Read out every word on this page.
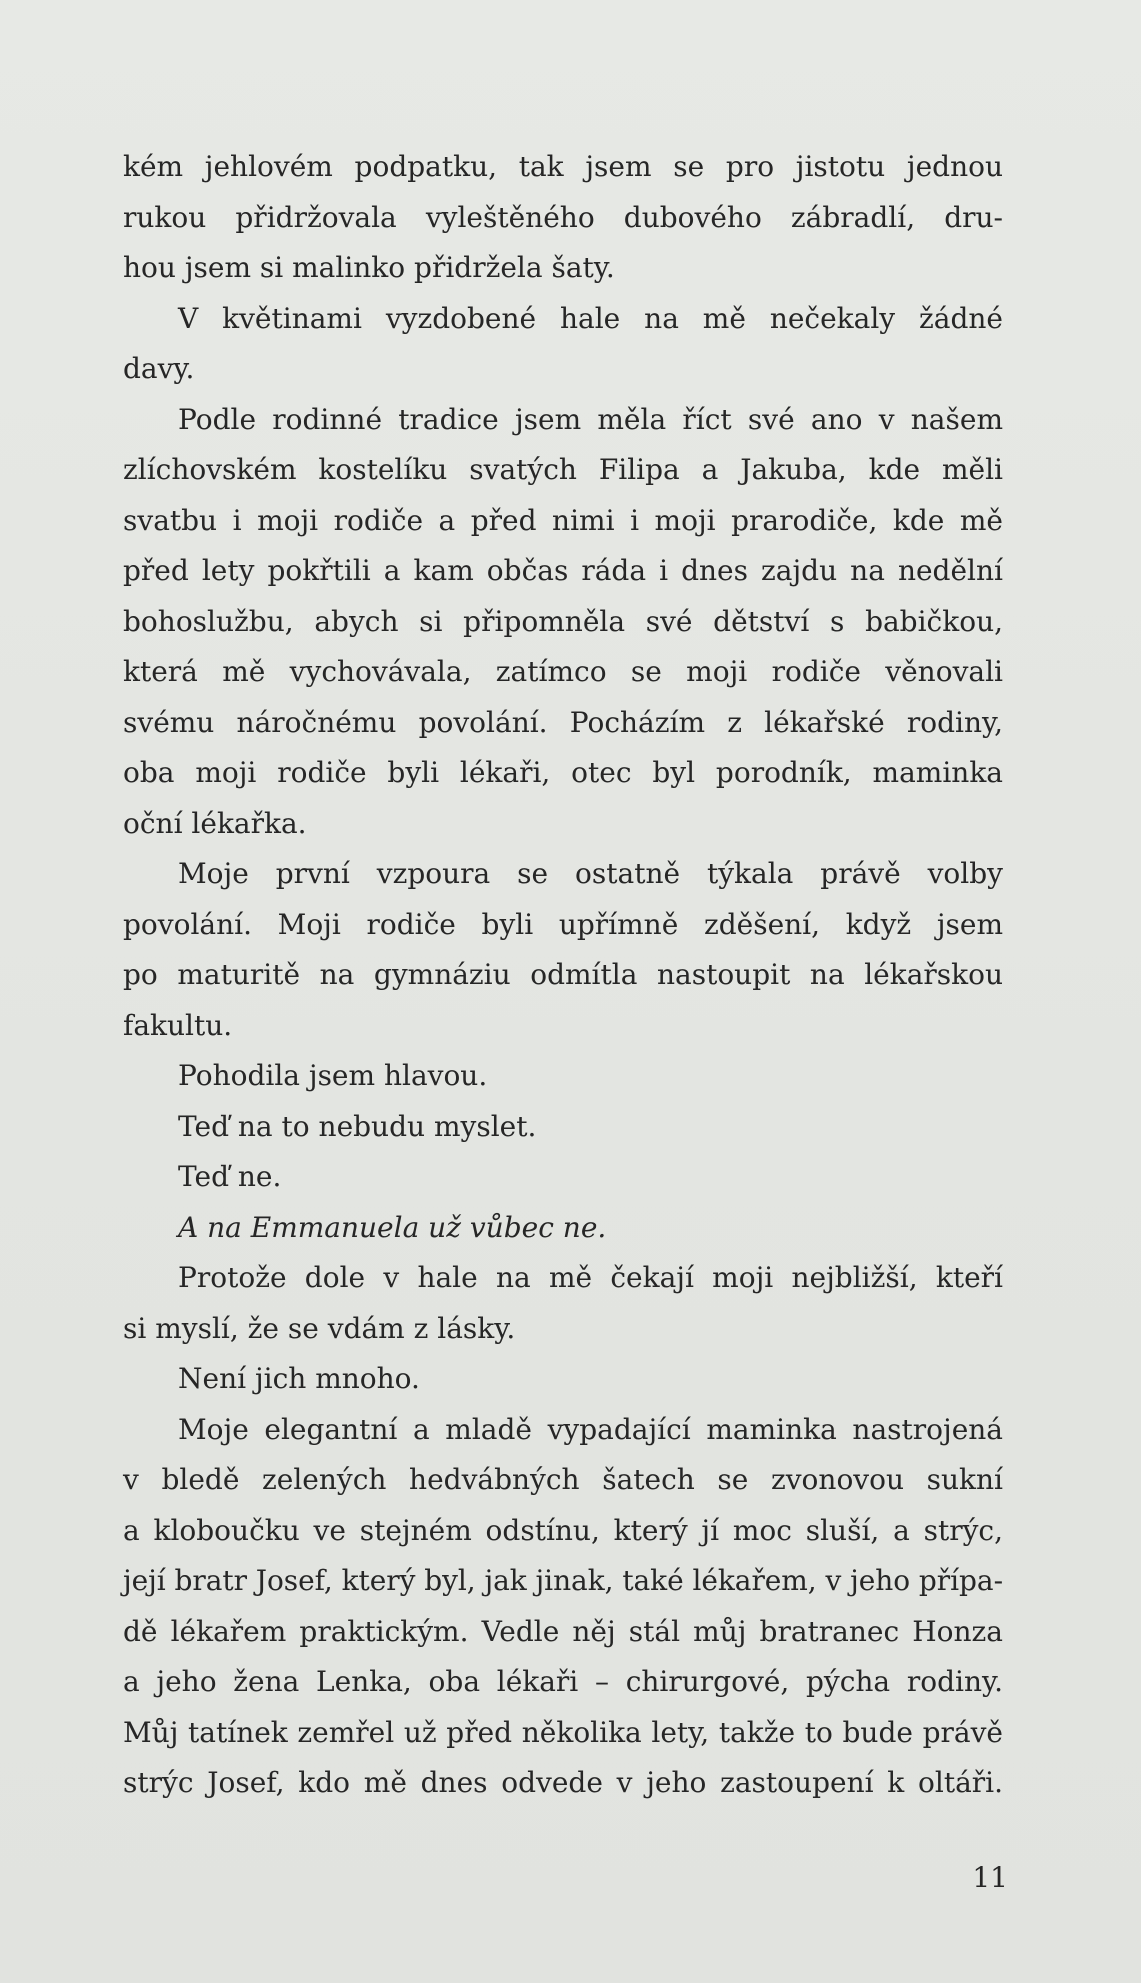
kém jehlovém podpatku, tak jsem se pro jistotu jednou
rukou přidržovala vyleštěného dubového zábradlí, dru-
hou jsem si malinko přidržela šaty.
V květinami vyzdobené hale na mě nečekaly žádné
davy.
Podle rodinné tradice jsem měla říct své ano v našem
zlíchovském kostelíku svatých Filipa a Jakuba, kde měli
svatbu i moji rodiče a před nimi i moji prarodiče, kde mě
před lety pokřtili a kam občas ráda i dnes zajdu na nedělní
bohoslužbu, abych si připomněla své dětství s babičkou,
která mě vychovávala, zatímco se moji rodiče věnovali
svému náročnému povolání. Pocházím z lékařské rodiny,
oba moji rodiče byli lékaři, otec byl porodník, maminka
oční lékařka.
Moje první vzpoura se ostatně týkala právě volby
povolání. Moji rodiče byli upřímně zděšení, když jsem
po maturitě na gymnáziu odmítla nastoupit na lékařskou
fakultu.
Pohodila jsem hlavou.
Teď na to nebudu myslet.
Teď ne.
A na Emmanuela už vůbec ne.
Protože dole v hale na mě čekají moji nejbližší, kteří
si myslí, že se vdám z lásky.
Není jich mnoho.
Moje elegantní a mladě vypadající maminka nastrojená
v bledě zelených hedvábných šatech se zvonovou sukní
a kloboučku ve stejném odstínu, který jí moc sluší, a strýc,
její bratr Josef, který byl, jak jinak, také lékařem, v jeho přípa-
dě lékařem praktickým. Vedle něj stál můj bratranec Honza
a jeho žena Lenka, oba lékaři – chirurgové, pýcha rodiny.
Můj tatínek zemřel už před několika lety, takže to bude právě
strýc Josef, kdo mě dnes odvede v jeho zastoupení k oltáři.
11
